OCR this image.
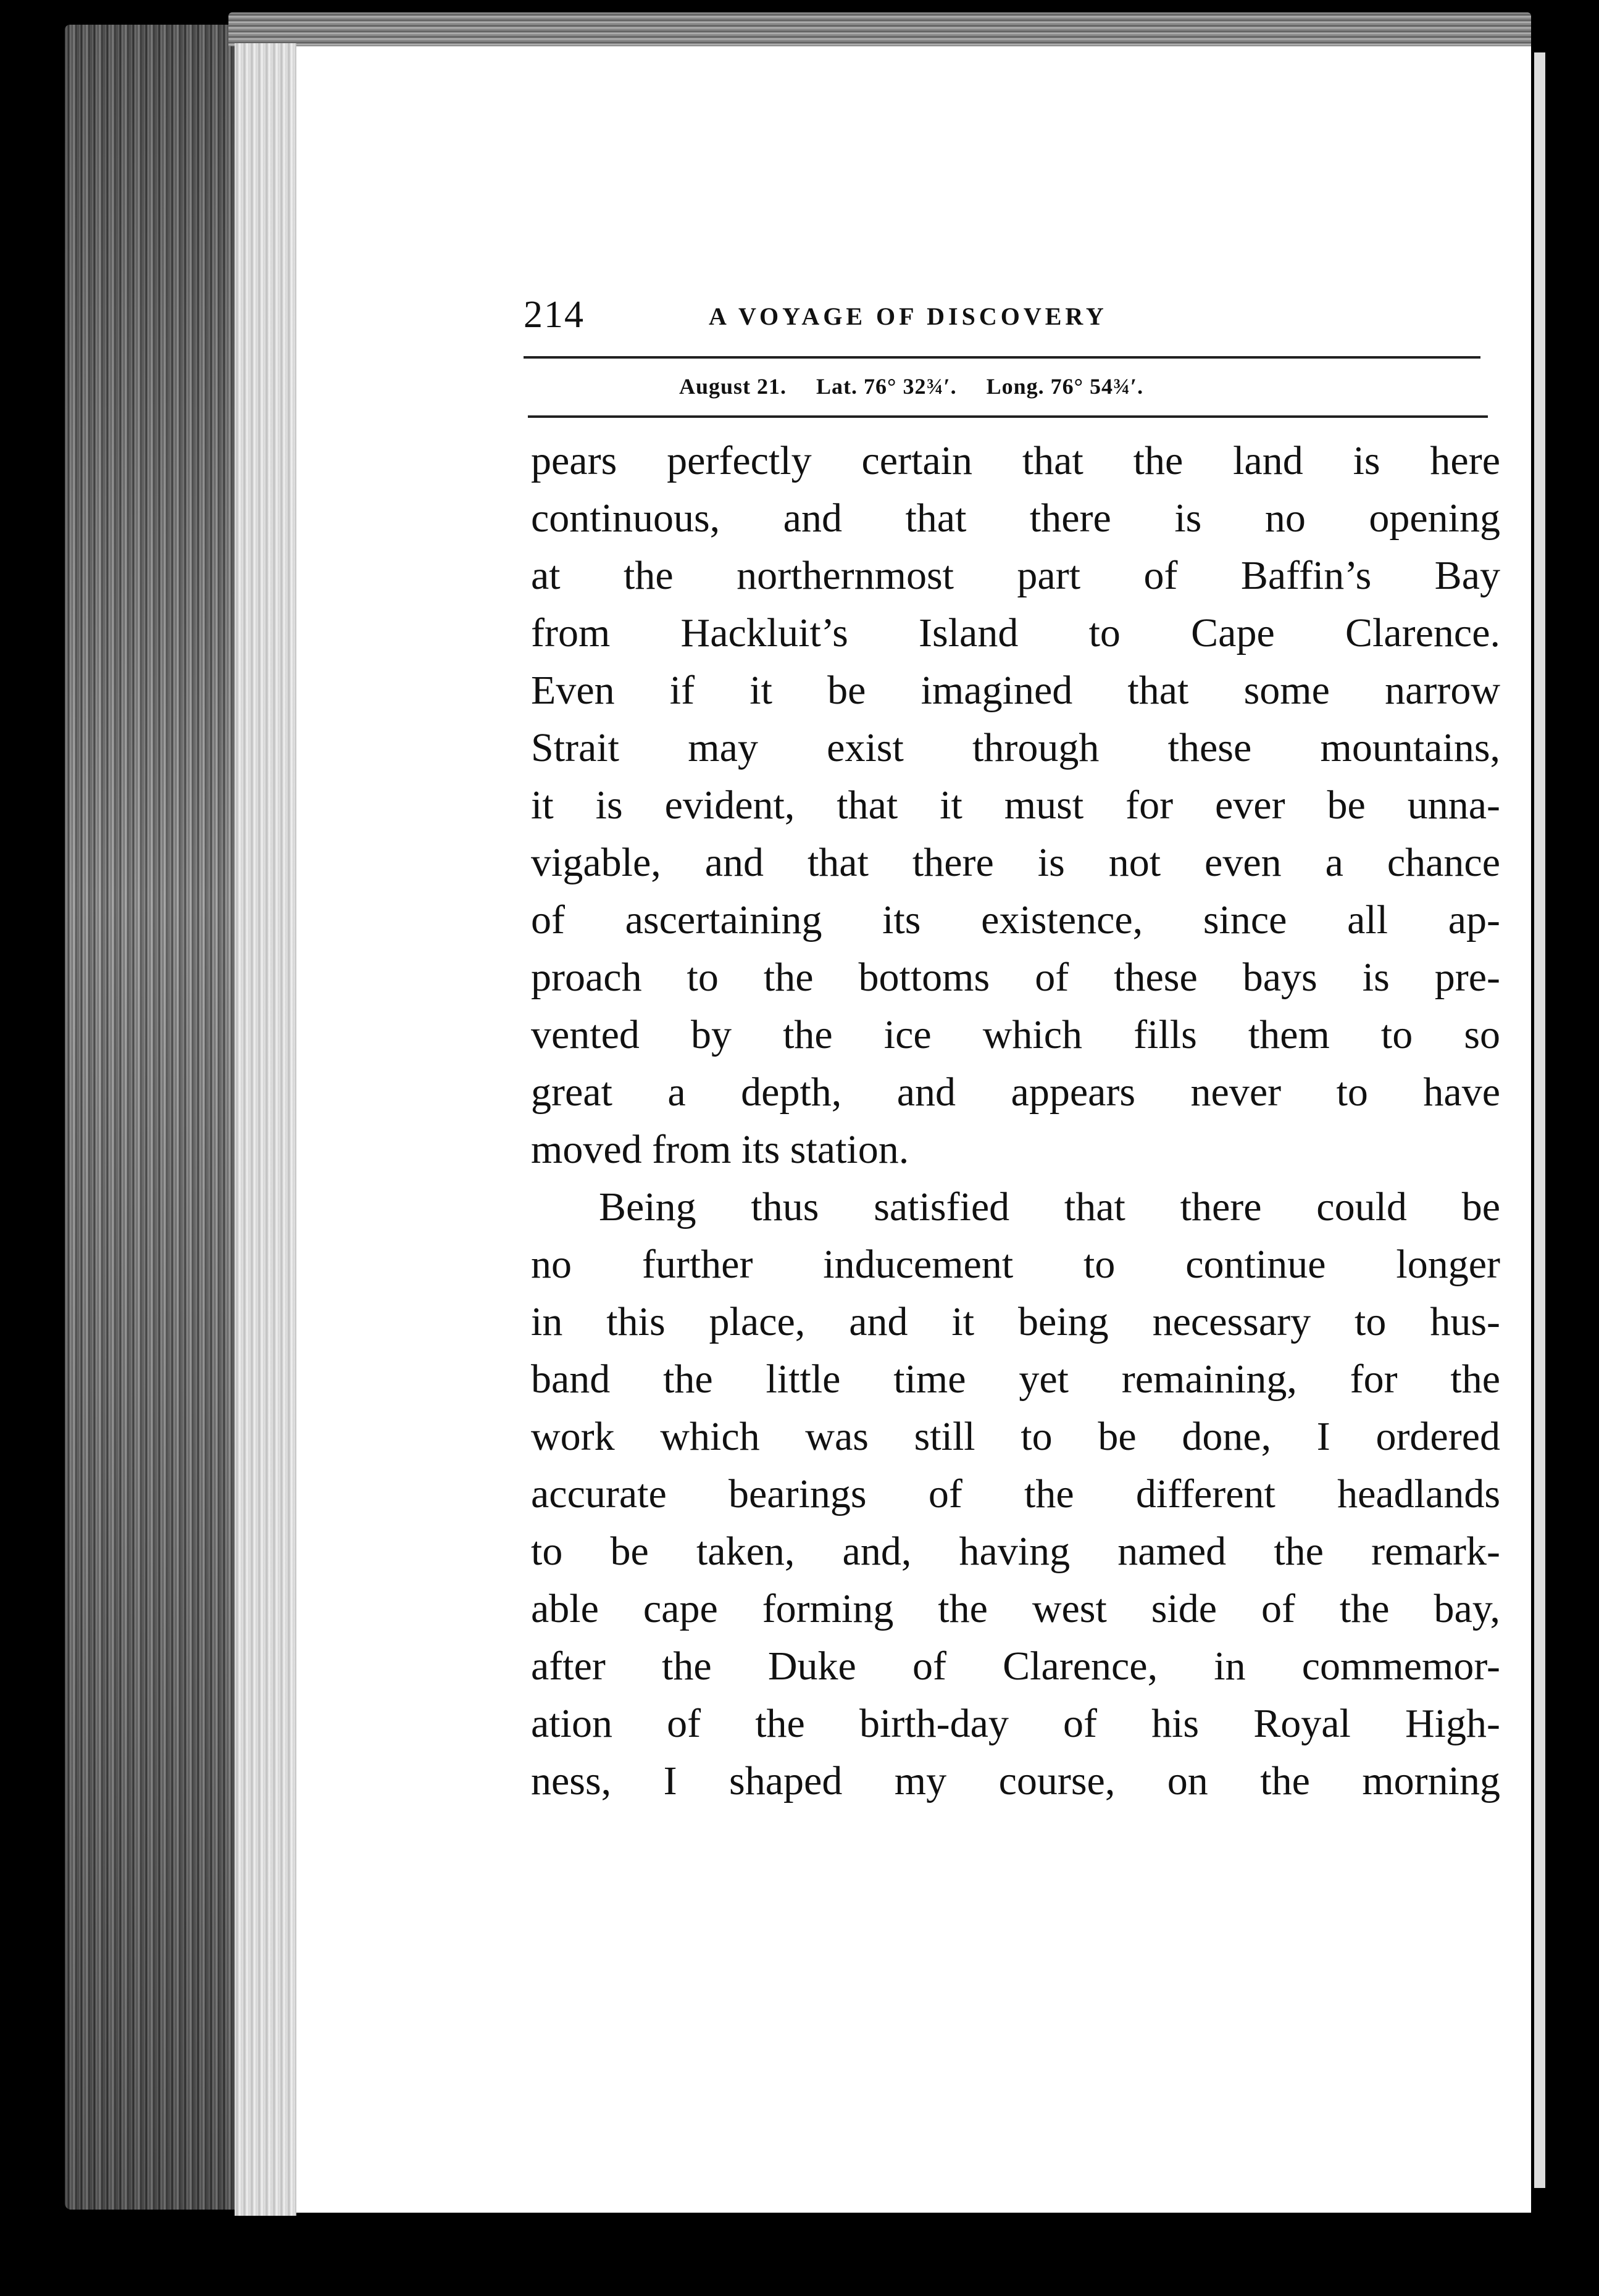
214	A VOYAGE OF DISCOVERY
August 21. Lat. 76° 32¾′. Long. 76° 54¾′.
pears perfectly certain that the land is here
continuous, and that there is no opening
at the northernmost part of Baffin’s Bay
from Hackluit’s Island to Cape Clarence.
Even if it be imagined that some narrow
Strait may exist through these mountains,
it is evident, that it must for ever be unna-
vigable, and that there is not even a chance
of ascertaining its existence, since all ap-
proach to the bottoms of these bays is pre-
vented by the ice which fills them to so
great a depth, and appears never to have
moved from its station.
Being thus satisfied that there could be
no further inducement to continue longer
in this place, and it being necessary to hus-
band the little time yet remaining, for the
work which was still to be done, I ordered
accurate bearings of the different headlands
to be taken, and, having named the remark-
able cape forming the west side of the bay,
after the Duke of Clarence, in commemor-
ation of the birth-day of his Royal High-
ness, I shaped my course, on the morning
